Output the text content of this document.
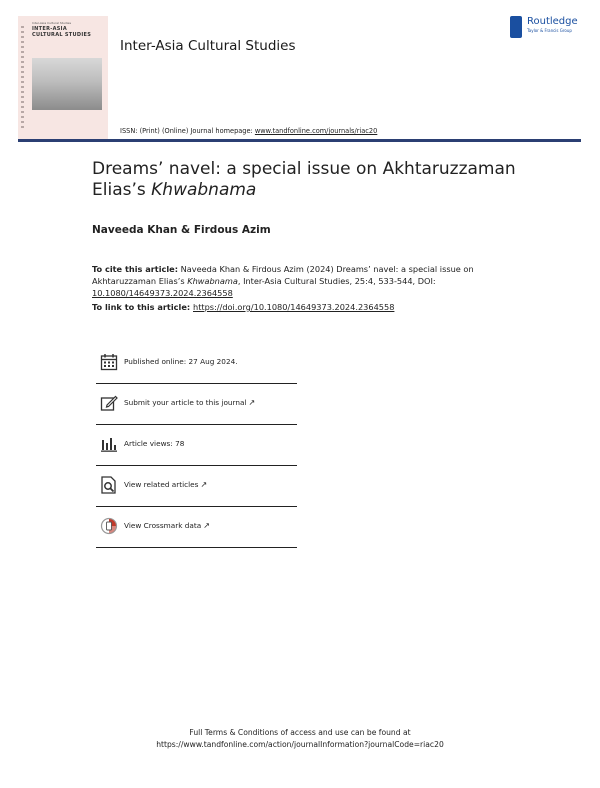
Inter-Asia Cultural Studies
INTER-ASIA
CULTURAL STUDIES
Inter-Asia Cultural Studies
Routledge
Taylor & Francis Group
ISSN: (Print) (Online) Journal homepage: www.tandfonline.com/journals/riac20
Dreams’ navel: a special issue on Akhtaruzzaman Elias’s Khwabnama
Naveeda Khan & Firdous Azim
To cite this article: Naveeda Khan & Firdous Azim (2024) Dreams’ navel: a special issue on Akhtaruzzaman Elias’s Khwabnama, Inter-Asia Cultural Studies, 25:4, 533-544, DOI: 10.1080/14649373.2024.2364558
To link to this article: https://doi.org/10.1080/14649373.2024.2364558
Published online: 27 Aug 2024.
Submit your article to this journal ↗
Article views: 78
View related articles ↗
View Crossmark data ↗
Full Terms & Conditions of access and use can be found at
https://www.tandfonline.com/action/journalInformation?journalCode=riac20
